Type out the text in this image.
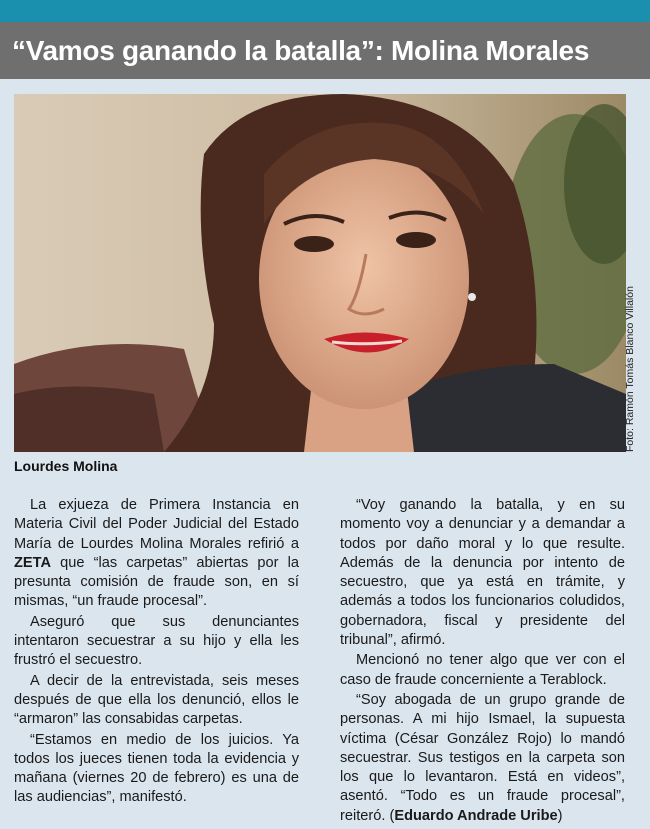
“Vamos ganando la batalla”: Molina Morales
Foto: Ramón Tomás Blanco Villalón
Lourdes Molina

La exjueza de Primera Instancia en Materia Civil del Poder Judicial del Estado María de Lourdes Molina Morales refirió a ZETA que “las carpetas” abiertas por la presunta comisión de fraude son, en sí mismas, “un fraude procesal”.

Aseguró que sus denunciantes intentaron secuestrar a su hijo y ella les frustró el secuestro.

A decir de la entrevistada, seis meses después de que ella los denunció, ellos le “armaron” las consabidas carpetas.

“Estamos en medio de los juicios. Ya todos los jueces tienen toda la evidencia y mañana (viernes 20 de febrero) es una de las audiencias”, manifestó.

“Voy ganando la batalla, y en su momento voy a denunciar y a demandar a todos por daño moral y lo que resulte. Además de la denuncia por intento de secuestro, que ya está en trámite, y además a todos los funcionarios coludidos, gobernadora, fiscal y presidente del tribunal”, afirmó.

Mencionó no tener algo que ver con el caso de fraude concerniente a Terablock.

“Soy abogada de un grupo grande de personas. A mi hijo Ismael, la supuesta víctima (César González Rojo) lo mandó secuestrar. Sus testigos en la carpeta son los que lo levantaron. Está en videos”, asentó. “Todo es un fraude procesal”, reiteró. (Eduardo Andrade Uribe)
